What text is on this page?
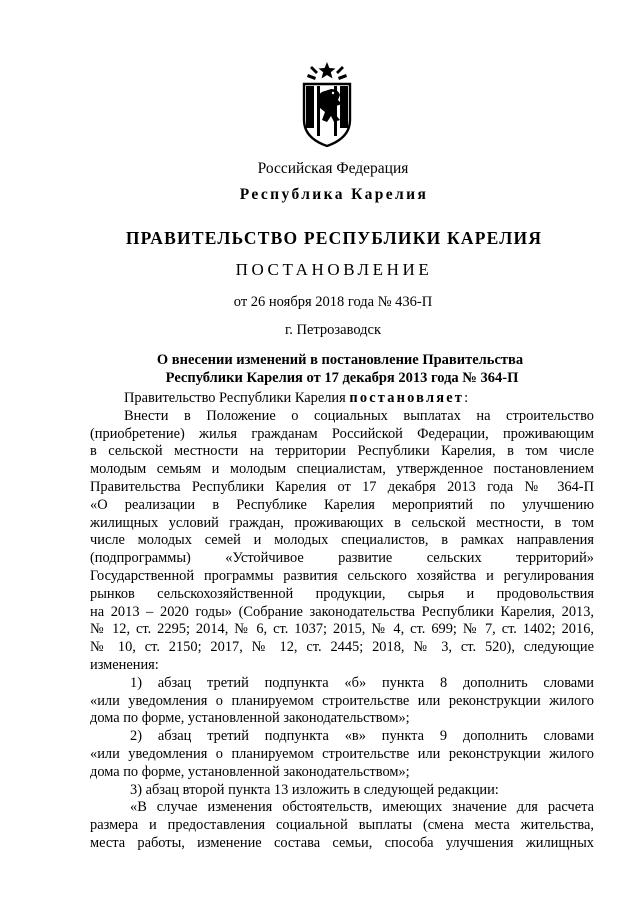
Российская Федерация
Республика Карелия
ПРАВИТЕЛЬСТВО РЕСПУБЛИКИ КАРЕЛИЯ
ПОСТАНОВЛЕНИЕ
от 26 ноября 2018 года № 436-П
г. Петрозаводск
О внесении изменений в постановление Правительства
Республики Карелия от 17 декабря 2013 года № 364-П
Правительство Республики Карелия постановляет:
Внести в Положение о социальных выплатах на строительство
(приобретение) жилья гражданам Российской Федерации, проживающим
в сельской местности на территории Республики Карелия, в том числе
молодым семьям и молодым специалистам, утвержденное постановлением
Правительства Республики Карелия от 17 декабря 2013 года № 364-П
«О реализации в Республике Карелия мероприятий по улучшению
жилищных условий граждан, проживающих в сельской местности, в том
числе молодых семей и молодых специалистов, в рамках направления
(подпрограммы) «Устойчивое развитие сельских территорий»
Государственной программы развития сельского хозяйства и регулирования
рынков сельскохозяйственной продукции, сырья и продовольствия
на 2013 – 2020 годы» (Собрание законодательства Республики Карелия, 2013,
№ 12, ст. 2295; 2014, № 6, ст. 1037; 2015, № 4, ст. 699; № 7, ст. 1402; 2016,
№ 10, ст. 2150; 2017, № 12, ст. 2445; 2018, № 3, ст. 520), следующие
изменения:
1) абзац третий подпункта «б» пункта 8 дополнить словами
«или уведомления о планируемом строительстве или реконструкции жилого
дома по форме, установленной законодательством»;
2) абзац третий подпункта «в» пункта 9 дополнить словами
«или уведомления о планируемом строительстве или реконструкции жилого
дома по форме, установленной законодательством»;
3) абзац второй пункта 13 изложить в следующей редакции:
«В случае изменения обстоятельств, имеющих значение для расчета
размера и предоставления социальной выплаты (смена места жительства,
места работы, изменение состава семьи, способа улучшения жилищных
